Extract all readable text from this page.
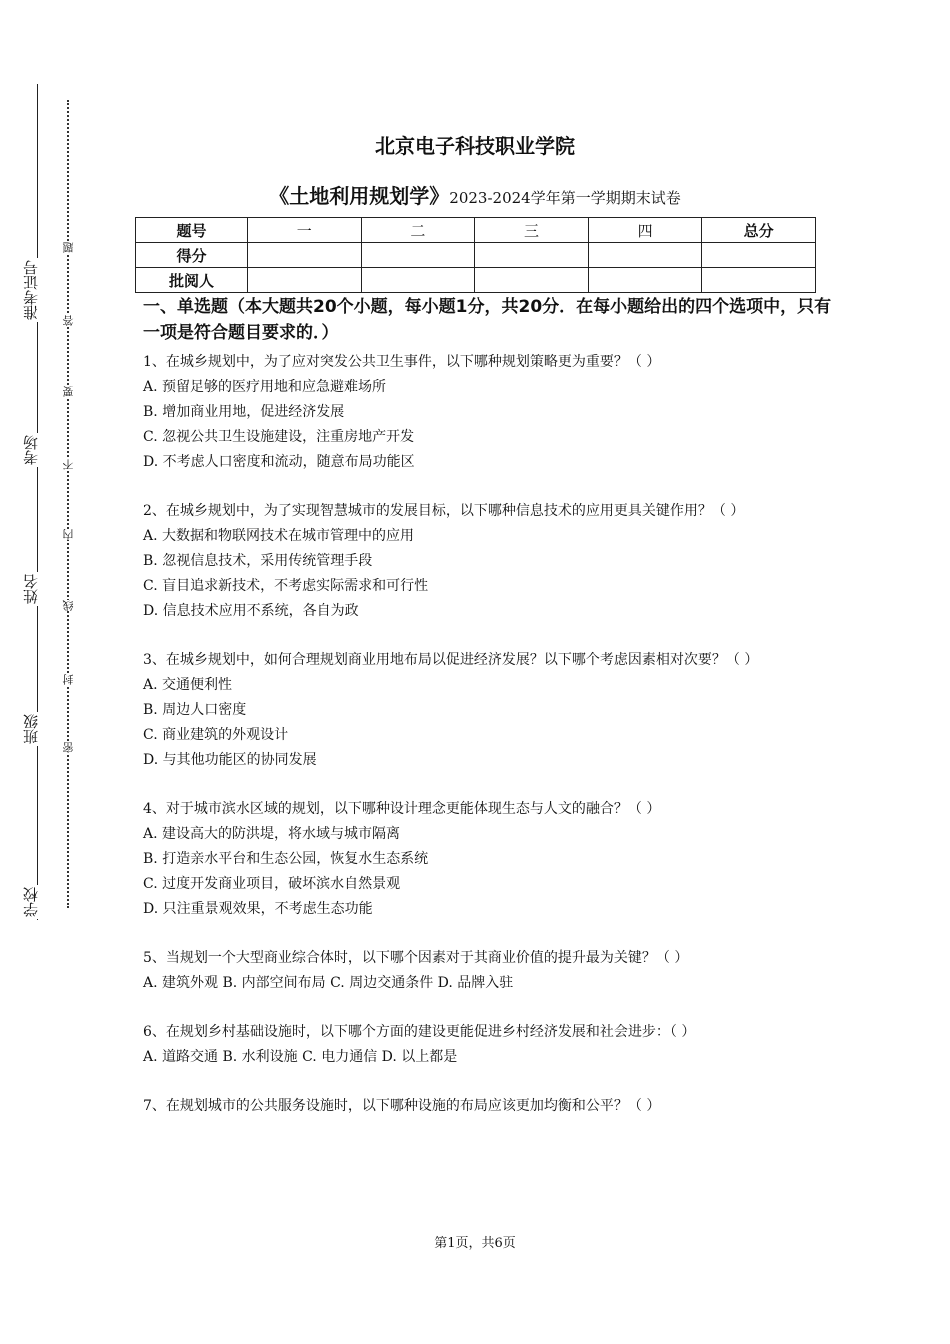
学校
班级
姓名
考场
准考证号
密
封
线
内
不
要
答
题
北京电子科技职业学院
《土地利用规划学》2023-2024学年第一学期期末试卷
题号	一	二	三	四	总分
得分					
批阅人					

一、单选题（本大题共20个小题，每小题1分，共20分．在每小题给出的四个选项中，只有一项是符合题目要求的．）

1、在城乡规划中，为了应对突发公共卫生事件，以下哪种规划策略更为重要？（ ）

A. 预留足够的医疗用地和应急避难场所

B. 增加商业用地，促进经济发展

C. 忽视公共卫生设施建设，注重房地产开发

D. 不考虑人口密度和流动，随意布局功能区

2、在城乡规划中，为了实现智慧城市的发展目标，以下哪种信息技术的应用更具关键作用？（ ）

A. 大数据和物联网技术在城市管理中的应用

B. 忽视信息技术，采用传统管理手段

C. 盲目追求新技术，不考虑实际需求和可行性

D. 信息技术应用不系统，各自为政

3、在城乡规划中，如何合理规划商业用地布局以促进经济发展？以下哪个考虑因素相对次要？（ ）

A. 交通便利性

B. 周边人口密度

C. 商业建筑的外观设计

D. 与其他功能区的协同发展

4、对于城市滨水区域的规划，以下哪种设计理念更能体现生态与人文的融合？（ ）

A. 建设高大的防洪堤，将水域与城市隔离

B. 打造亲水平台和生态公园，恢复水生态系统

C. 过度开发商业项目，破坏滨水自然景观

D. 只注重景观效果，不考虑生态功能

5、当规划一个大型商业综合体时，以下哪个因素对于其商业价值的提升最为关键？（ ）

A. 建筑外观 B. 内部空间布局 C. 周边交通条件 D. 品牌入驻

6、在规划乡村基础设施时，以下哪个方面的建设更能促进乡村经济发展和社会进步：（ ）

A. 道路交通 B. 水利设施 C. 电力通信 D. 以上都是

7、在规划城市的公共服务设施时，以下哪种设施的布局应该更加均衡和公平？（ ）

第1页，共6页
